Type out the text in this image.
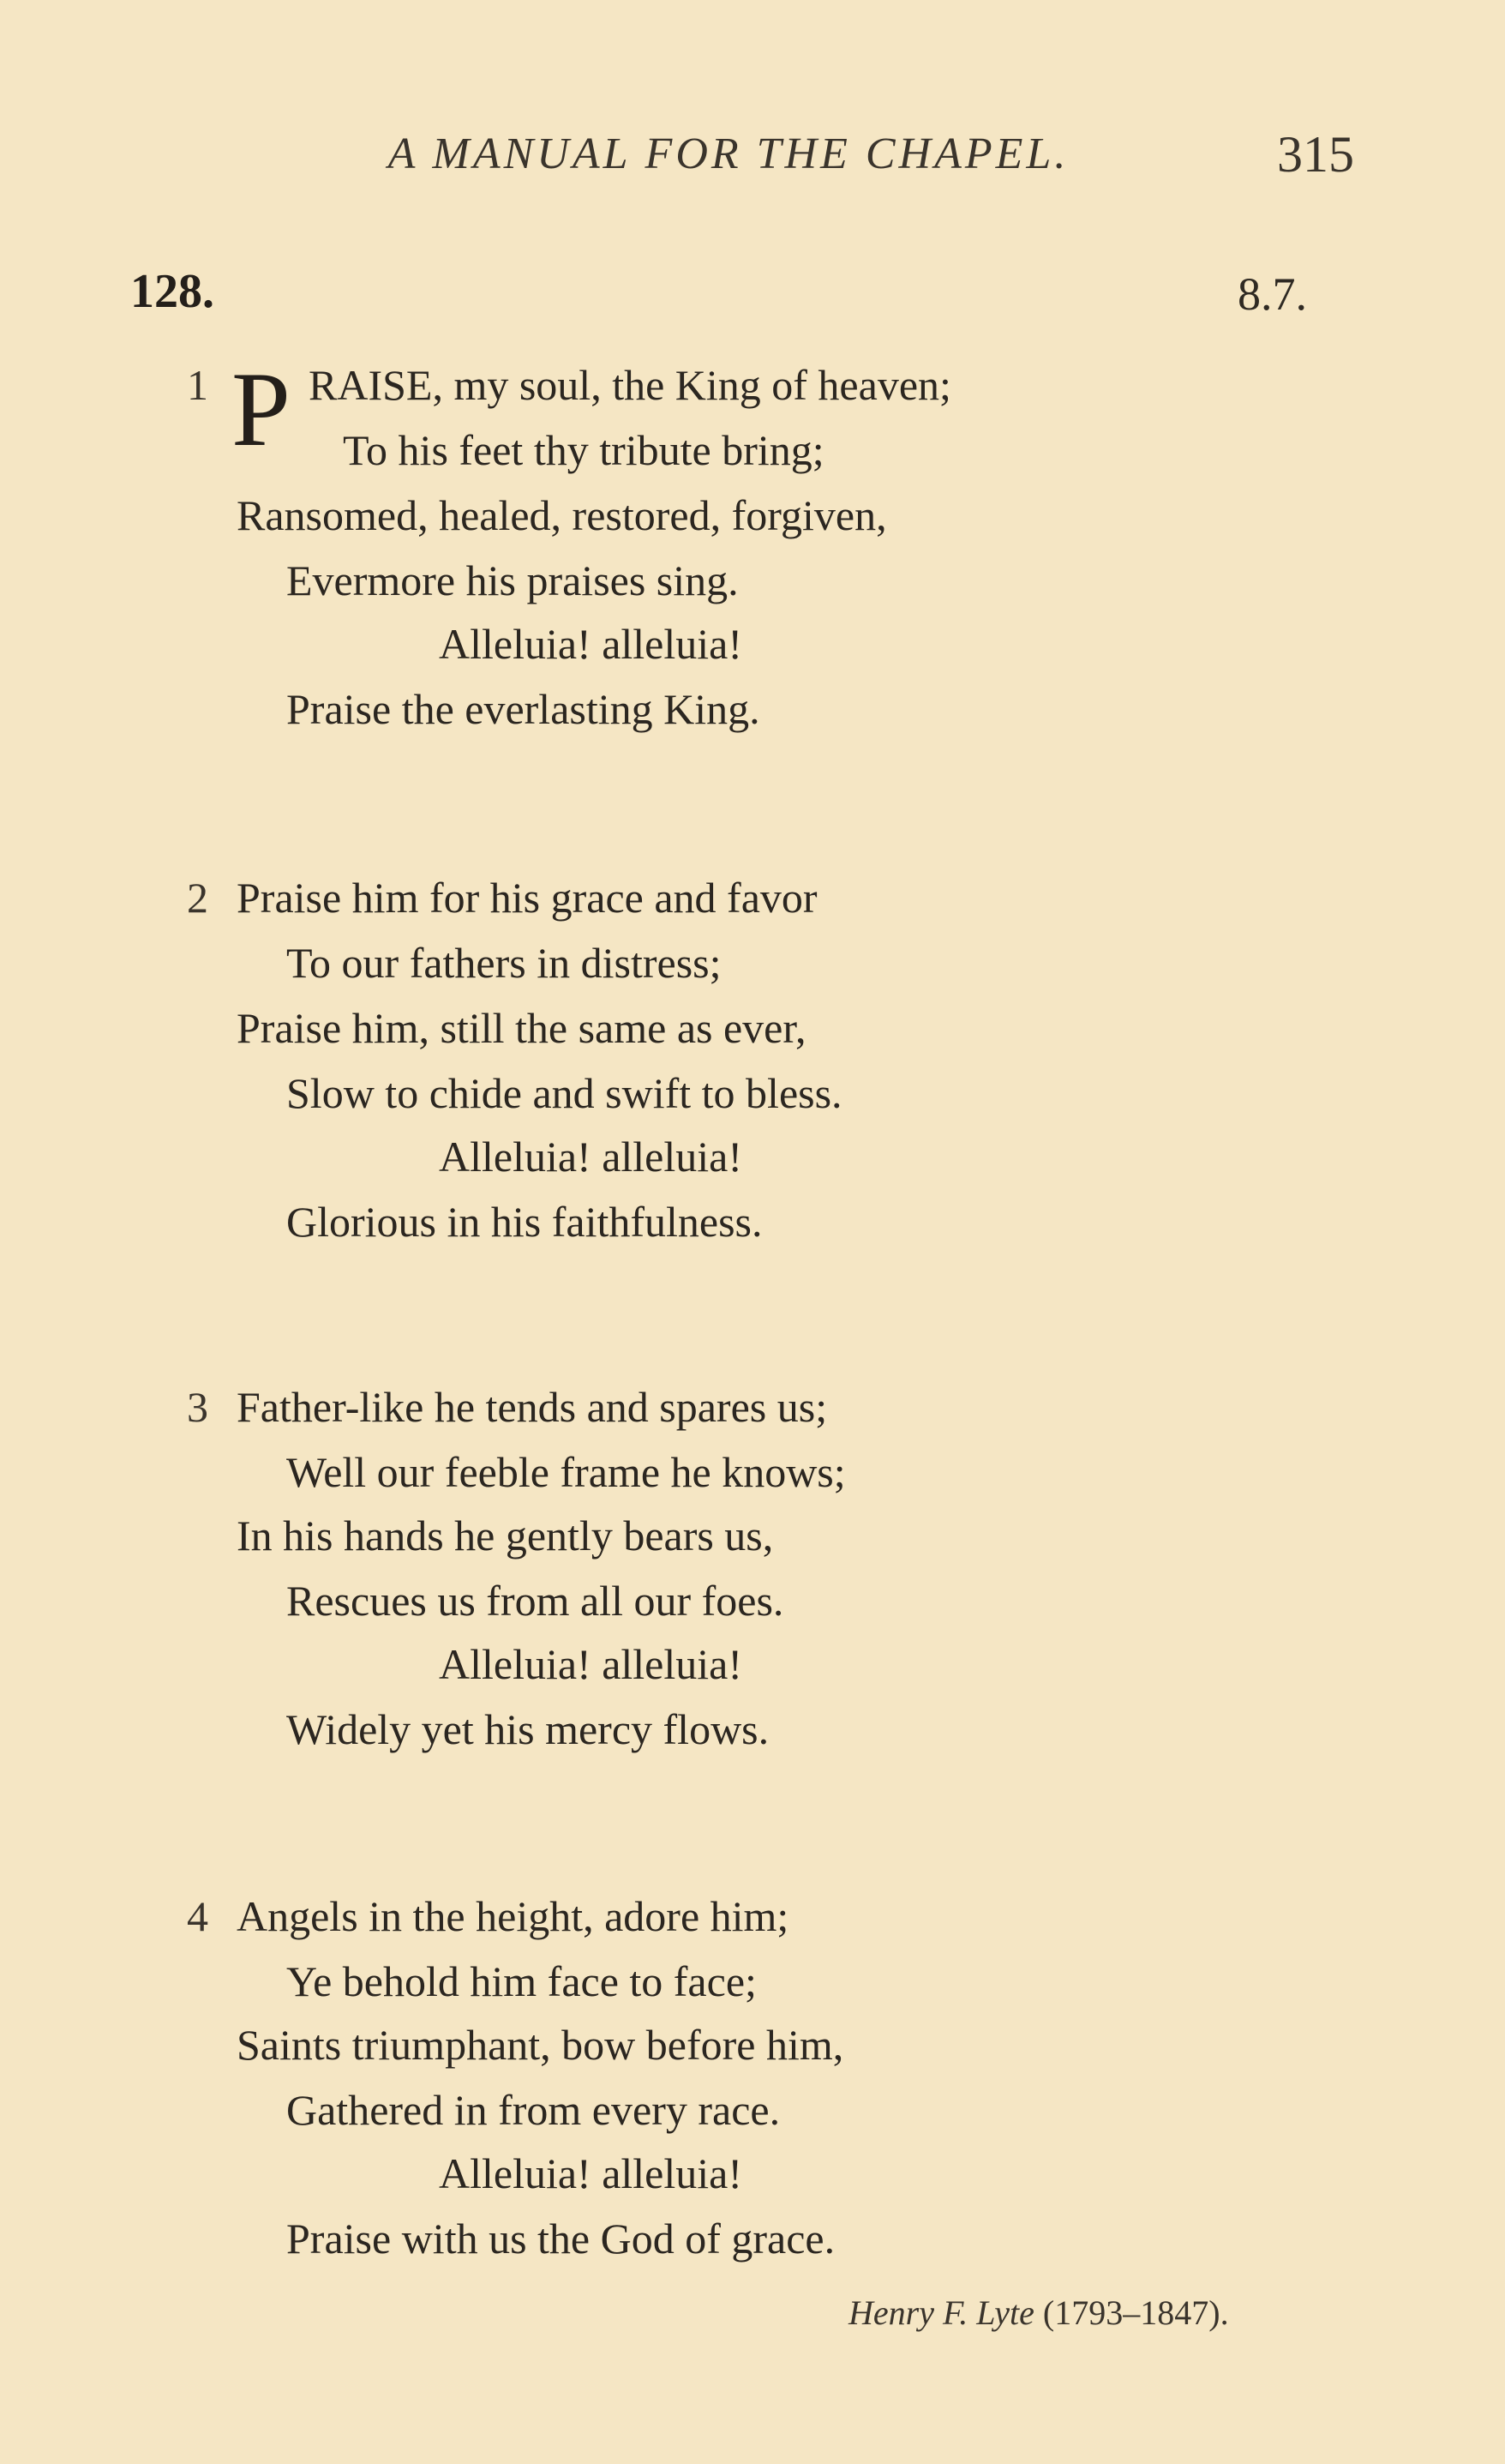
A MANUAL FOR THE CHAPEL.	315
128.	8.7.
1 P RAISE, my soul, the King of heaven;
To his feet thy tribute bring;
Ransomed, healed, restored, forgiven,
Evermore his praises sing.
Alleluia! alleluia!
Praise the everlasting King.
2 Praise him for his grace and favor
To our fathers in distress;
Praise him, still the same as ever,
Slow to chide and swift to bless.
Alleluia! alleluia!
Glorious in his faithfulness.
3 Father-like he tends and spares us;
Well our feeble frame he knows;
In his hands he gently bears us,
Rescues us from all our foes.
Alleluia! alleluia!
Widely yet his mercy flows.
4 Angels in the height, adore him;
Ye behold him face to face;
Saints triumphant, bow before him,
Gathered in from every race.
Alleluia! alleluia!
Praise with us the God of grace.
Henry F. Lyte (1793–1847).
